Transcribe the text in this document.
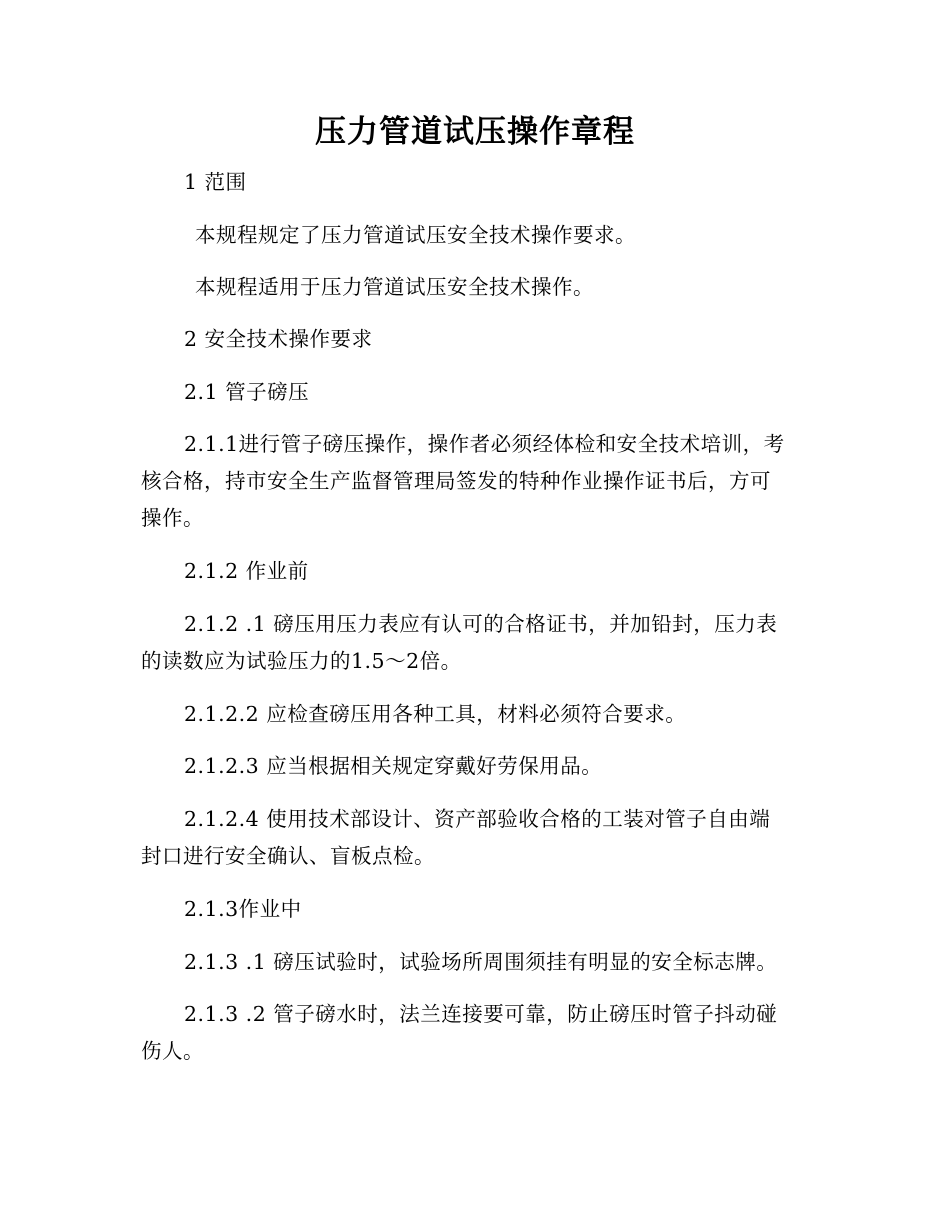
压力管道试压操作章程

1 范围

本规程规定了压力管道试压安全技术操作要求。

本规程适用于压力管道试压安全技术操作。

2 安全技术操作要求

2.1 管子磅压

2.1.1进行管子磅压操作，操作者必须经体检和安全技术培训，考
核合格，持市安全生产监督管理局签发的特种作业操作证书后，方可
操作。

2.1.2 作业前

2.1.2 .1 磅压用压力表应有认可的合格证书，并加铅封，压力表
的读数应为试验压力的1.5～2倍。

2.1.2.2 应检查磅压用各种工具，材料必须符合要求。

2.1.2.3 应当根据相关规定穿戴好劳保用品。

2.1.2.4 使用技术部设计、资产部验收合格的工装对管子自由端
封口进行安全确认、盲板点检。

2.1.3作业中

2.1.3 .1 磅压试验时，试验场所周围须挂有明显的安全标志牌。

2.1.3 .2 管子磅水时，法兰连接要可靠，防止磅压时管子抖动碰
伤人。
